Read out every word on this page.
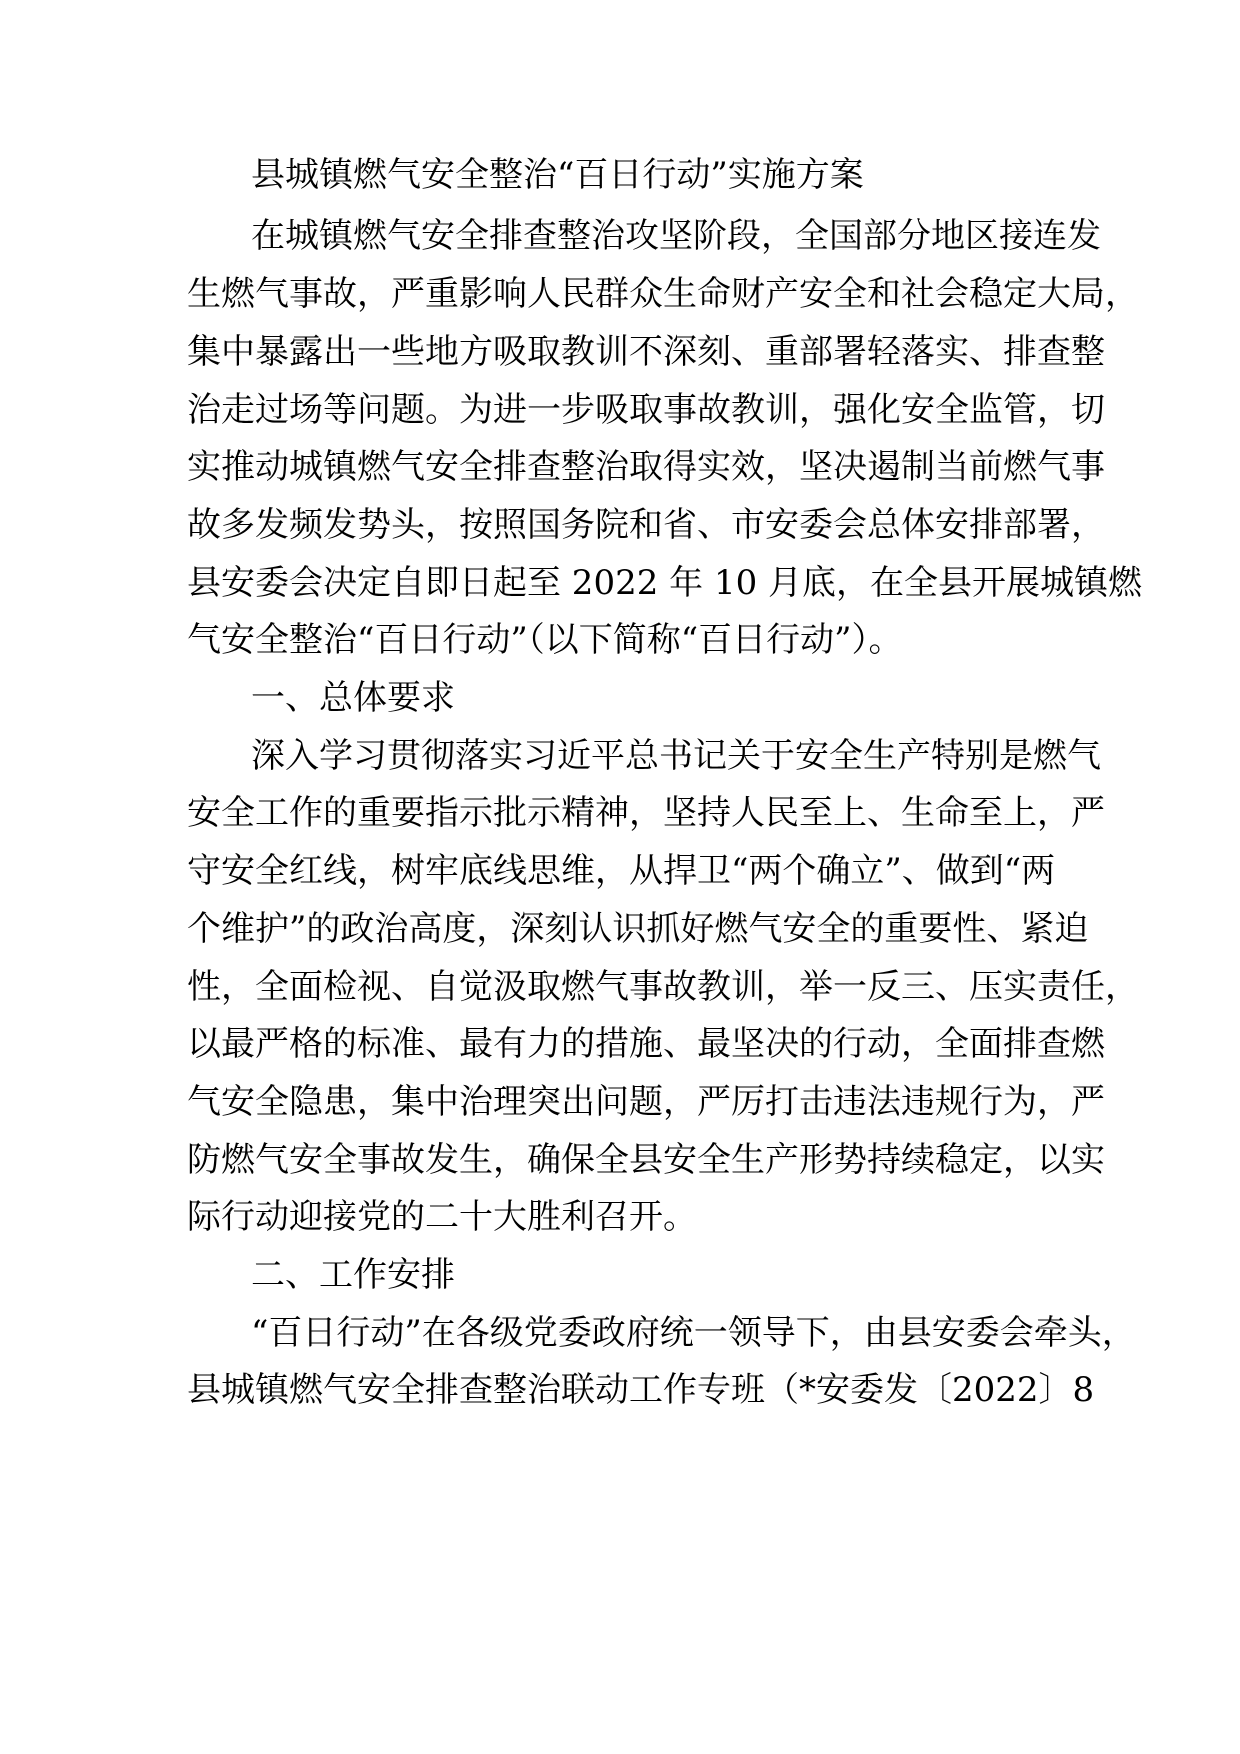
县城镇燃气安全整治“百日行动”实施方案

在城镇燃气安全排查整治攻坚阶段，全国部分地区接连发

生燃气事故，严重影响人民群众生命财产安全和社会稳定大局，

集中暴露出一些地方吸取教训不深刻、重部署轻落实、排查整

治走过场等问题。为进一步吸取事故教训，强化安全监管，切

实推动城镇燃气安全排查整治取得实效，坚决遏制当前燃气事

故多发频发势头，按照国务院和省、市安委会总体安排部署，

县安委会决定自即日起至 2022 年 10 月底，在全县开展城镇燃

气安全整治“百日行动”（以下简称“百日行动”）。

一、总体要求

深入学习贯彻落实习近平总书记关于安全生产特别是燃气

安全工作的重要指示批示精神，坚持人民至上、生命至上，严

守安全红线，树牢底线思维，从捍卫“两个确立”、做到“两

个维护”的政治高度，深刻认识抓好燃气安全的重要性、紧迫

性，全面检视、自觉汲取燃气事故教训，举一反三、压实责任，

以最严格的标准、最有力的措施、最坚决的行动，全面排查燃

气安全隐患，集中治理突出问题，严厉打击违法违规行为，严

防燃气安全事故发生，确保全县安全生产形势持续稳定，以实

际行动迎接党的二十大胜利召开。

二、工作安排

“百日行动”在各级党委政府统一领导下，由县安委会牵头，

县城镇燃气安全排查整治联动工作专班（*安委发〔2022〕8
